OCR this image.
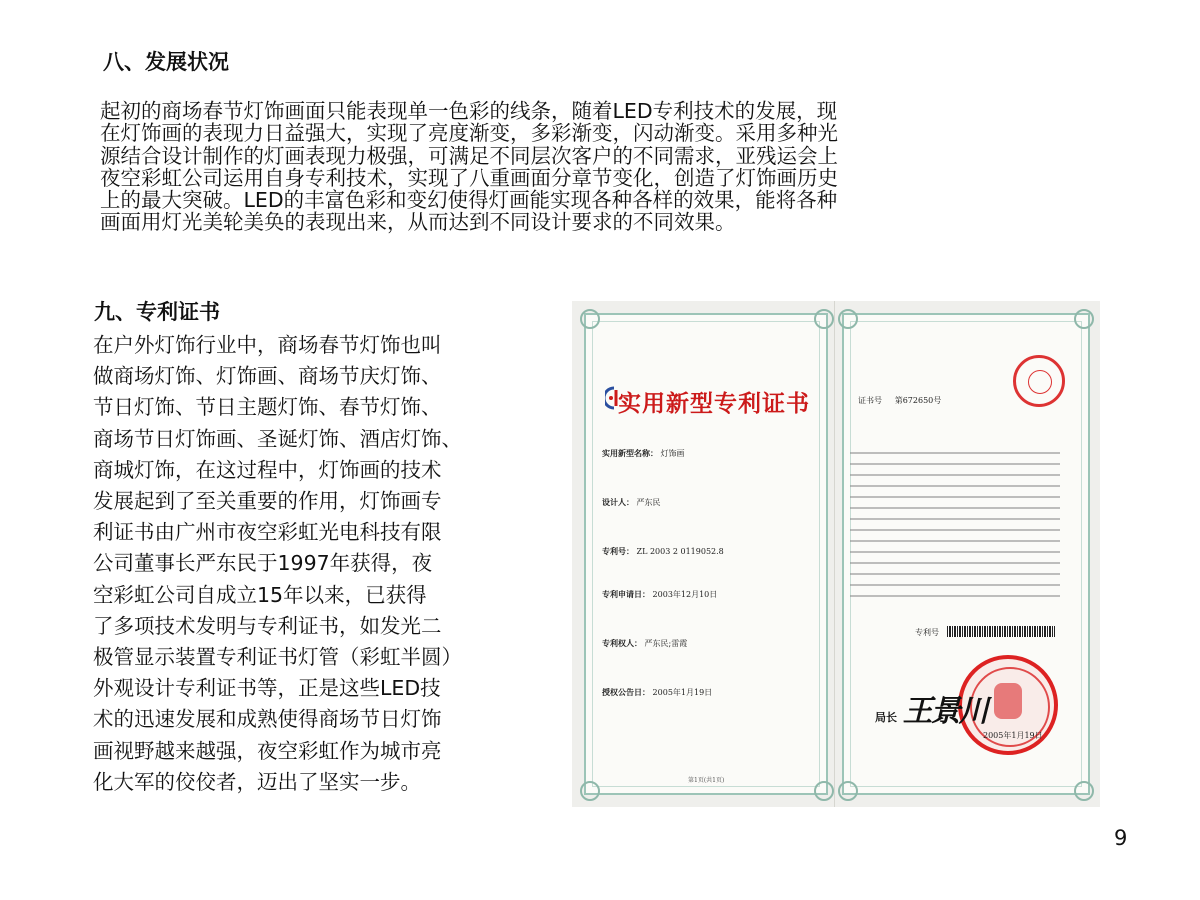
八、发展状况
起初的商场春节灯饰画面只能表现单一色彩的线条，随着LED专利技术的发展，现
在灯饰画的表现力日益强大，实现了亮度渐变，多彩渐变，闪动渐变。采用多种光
源结合设计制作的灯画表现力极强，可满足不同层次客户的不同需求，亚残运会上
夜空彩虹公司运用自身专利技术，实现了八重画面分章节变化，创造了灯饰画历史
上的最大突破。LED的丰富色彩和变幻使得灯画能实现各种各样的效果，能将各种
画面用灯光美轮美奂的表现出来，从而达到不同设计要求的不同效果。
九、专利证书
在户外灯饰行业中，商场春节灯饰也叫
做商场灯饰、灯饰画、商场节庆灯饰、
节日灯饰、节日主题灯饰、春节灯饰、
商场节日灯饰画、圣诞灯饰、酒店灯饰、
商城灯饰，在这过程中，灯饰画的技术
发展起到了至关重要的作用，灯饰画专
利证书由广州市夜空彩虹光电科技有限
公司董事长严东民于1997年获得，夜
空彩虹公司自成立15年以来，已获得
了多项技术发明与专利证书，如发光二
极管显示装置专利证书灯管（彩虹半圆）
外观设计专利证书等，正是这些LED技
术的迅速发展和成熟使得商场节日灯饰
画视野越来越强，夜空彩虹作为城市亮
化大军的佼佼者，迈出了坚实一步。
实用新型专利证书	证书号 第672650号
实用新型名称： 灯饰画
设计人： 严东民
专利号： ZL 2003 2 0119052.8
专利申请日： 2003年12月10日
专利权人： 严东民;雷霞
授权公告日： 2005年1月19日
专利号
局长 王景川
2005年1月19日
第1页(共1页)
9
